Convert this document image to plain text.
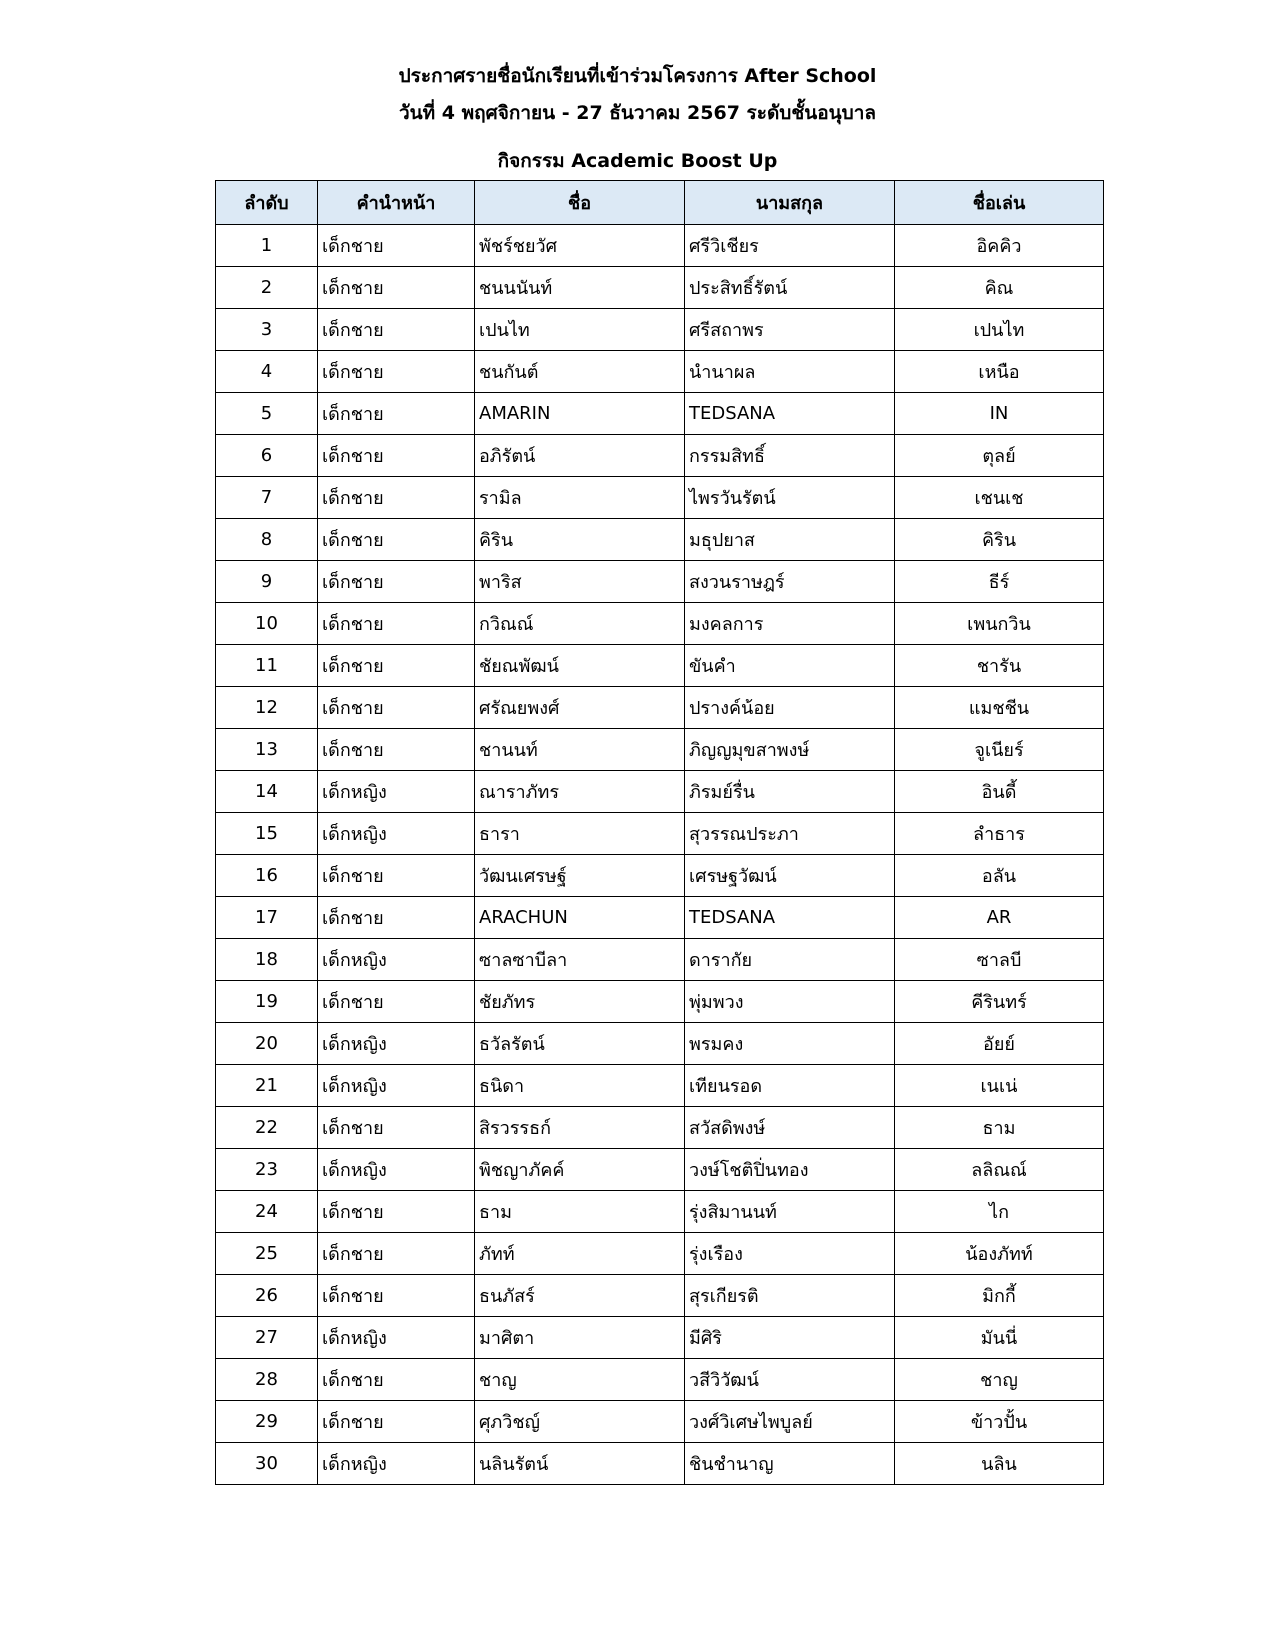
ประกาศรายชื่อนักเรียนที่เข้าร่วมโครงการ After School
วันที่ 4 พฤศจิกายน - 27 ธันวาคม 2567 ระดับชั้นอนุบาล
กิจกรรม Academic Boost Up
ลำดับ	คำนำหน้า	ชื่อ	นามสกุล	ชื่อเล่น
1	เด็กชาย	พัชร์ชยวัศ	ศรีวิเชียร	อิคคิว
2	เด็กชาย	ชนนนันท์	ประสิทธิ์รัตน์	คิณ
3	เด็กชาย	เปนไท	ศรีสถาพร	เปนไท
4	เด็กชาย	ชนกันต์	นำนาผล	เหนือ
5	เด็กชาย	AMARIN	TEDSANA	IN
6	เด็กชาย	อภิรัตน์	กรรมสิทธิ์	ตุลย์
7	เด็กชาย	รามิล	ไพรวันรัตน์	เชนเช
8	เด็กชาย	คิริน	มธุปยาส	คิริน
9	เด็กชาย	พาริส	สงวนราษฎร์	ธีร์
10	เด็กชาย	กวิณณ์	มงคลการ	เพนกวิน
11	เด็กชาย	ชัยณพัฒน์	ขันคำ	ชารัน
12	เด็กชาย	ศรัณยพงศ์	ปรางค์น้อย	แมชชีน
13	เด็กชาย	ชานนท์	ภิญญมุขสาพงษ์	จูเนียร์
14	เด็กหญิง	ณาราภัทร	ภิรมย์รื่น	อินดี้
15	เด็กหญิง	ธารา	สุวรรณประภา	ลำธาร
16	เด็กชาย	วัฒนเศรษฐ์	เศรษฐวัฒน์	อลัน
17	เด็กชาย	ARACHUN	TEDSANA	AR
18	เด็กหญิง	ซาลซาบีลา	ดารากัย	ซาลบี
19	เด็กชาย	ชัยภัทร	พุ่มพวง	คีรินทร์
20	เด็กหญิง	ธวัลรัตน์	พรมคง	อัยย์
21	เด็กหญิง	ธนิดา	เทียนรอด	เนเน่
22	เด็กชาย	สิรวรรธก์	สวัสดิพงษ์	ธาม
23	เด็กหญิง	พิชญาภัคค์	วงษ์โชติปิ่นทอง	ลลิณณ์
24	เด็กชาย	ธาม	รุ่งสิมานนท์	ไก
25	เด็กชาย	ภัทท์	รุ่งเรือง	น้องภัทท์
26	เด็กชาย	ธนภัสร์	สุรเกียรติ	มิกกี้
27	เด็กหญิง	มาศิตา	มีศิริ	มันนี่
28	เด็กชาย	ชาญ	วสีวิวัฒน์	ชาญ
29	เด็กชาย	ศุภวิชญ์	วงศ์วิเศษไพบูลย์	ข้าวปั้น
30	เด็กหญิง	นลินรัตน์	ชินชำนาญ	นลิน
